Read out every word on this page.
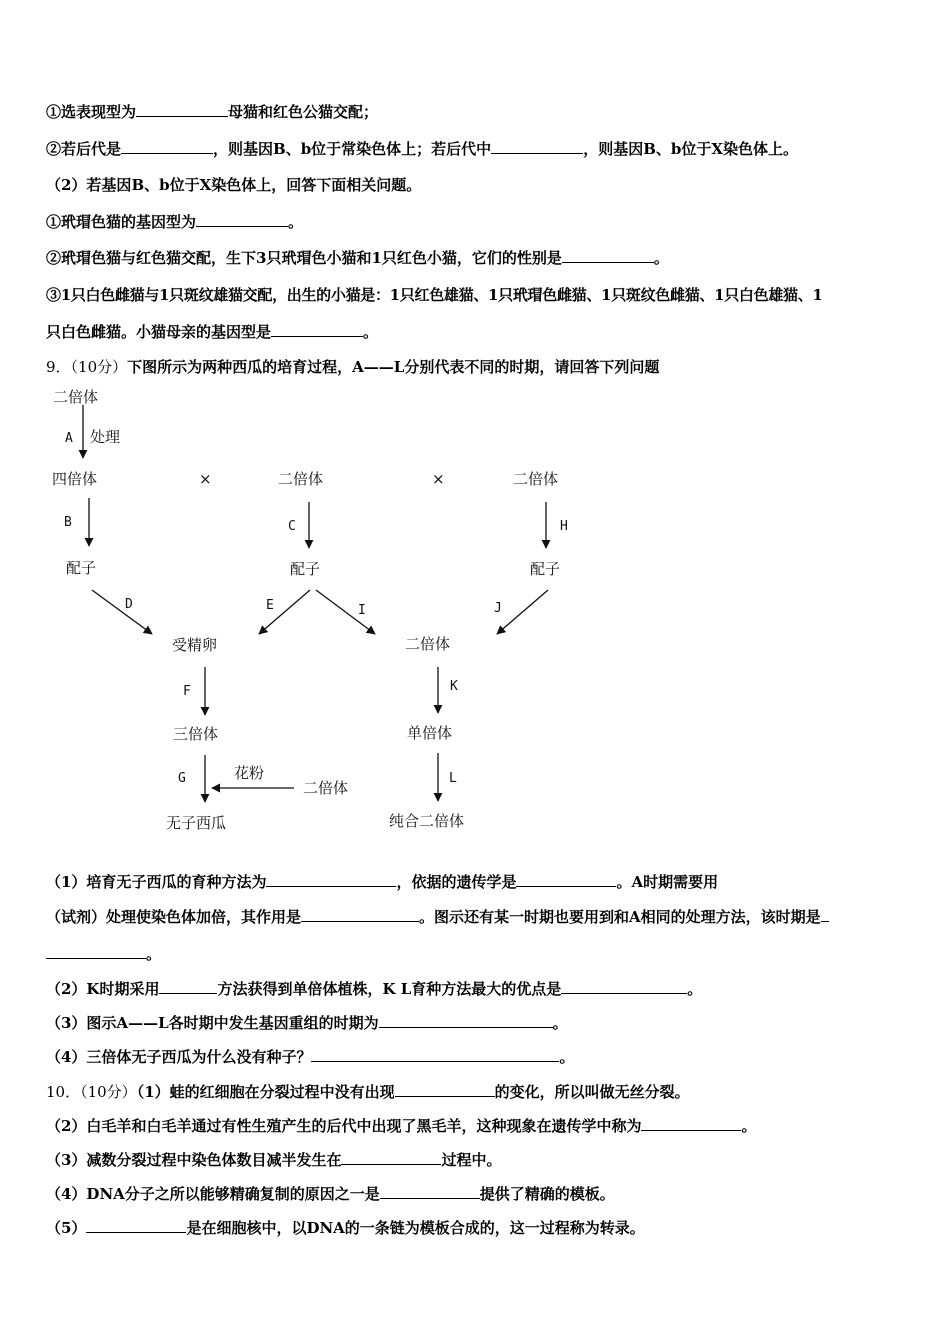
①选表现型为	母猫和红色公猫交配；
②若后代是	，则基因B、b位于常染色体上；若后代中	，则基因B、b位于X染色体上。
（2）若基因B、b位于X染色体上，回答下面相关问题。
①玳瑁色猫的基因型为	。
②玳瑁色猫与红色猫交配，生下3只玳瑁色小猫和1只红色小猫，它们的性别是	。
③1只白色雌猫与1只斑纹雄猫交配，出生的小猫是：1只红色雄猫、1只玳瑁色雌猫、1只斑纹色雌猫、1只白色雄猫、1
只白色雌猫。小猫母亲的基因型是	。
9．（10分）下图所示为两种西瓜的培育过程，A——L分别代表不同的时期，请回答下列问题
二倍体
A 处理
四倍体	×	二倍体	×	二倍体
B	C	H
配子	配子	配子
D	E	I	J
受精卵	二倍体
F	K
三倍体	单倍体
G	花粉
二倍体
L
无子西瓜	纯合二倍体
（1）培育无子西瓜的育种方法为	，依据的遗传学是	。A时期需要用
（试剂）处理使染色体加倍，其作用是	。图示还有某一时期也要用到和A相同的处理方法，该时期是
。
（2）K时期采用	方法获得到单倍体植株，K L育种方法最大的优点是	。
（3）图示A——L各时期中发生基因重组的时期为	。
（4）三倍体无子西瓜为什么没有种子？	。
10．（10分）（1）蛙的红细胞在分裂过程中没有出现	的变化，所以叫做无丝分裂。
（2）白毛羊和白毛羊通过有性生殖产生的后代中出现了黑毛羊，这种现象在遗传学中称为	。
（3）减数分裂过程中染色体数目减半发生在	过程中。
（4）DNA分子之所以能够精确复制的原因之一是	提供了精确的模板。
（5）	是在细胞核中，以DNA的一条链为模板合成的，这一过程称为转录。
